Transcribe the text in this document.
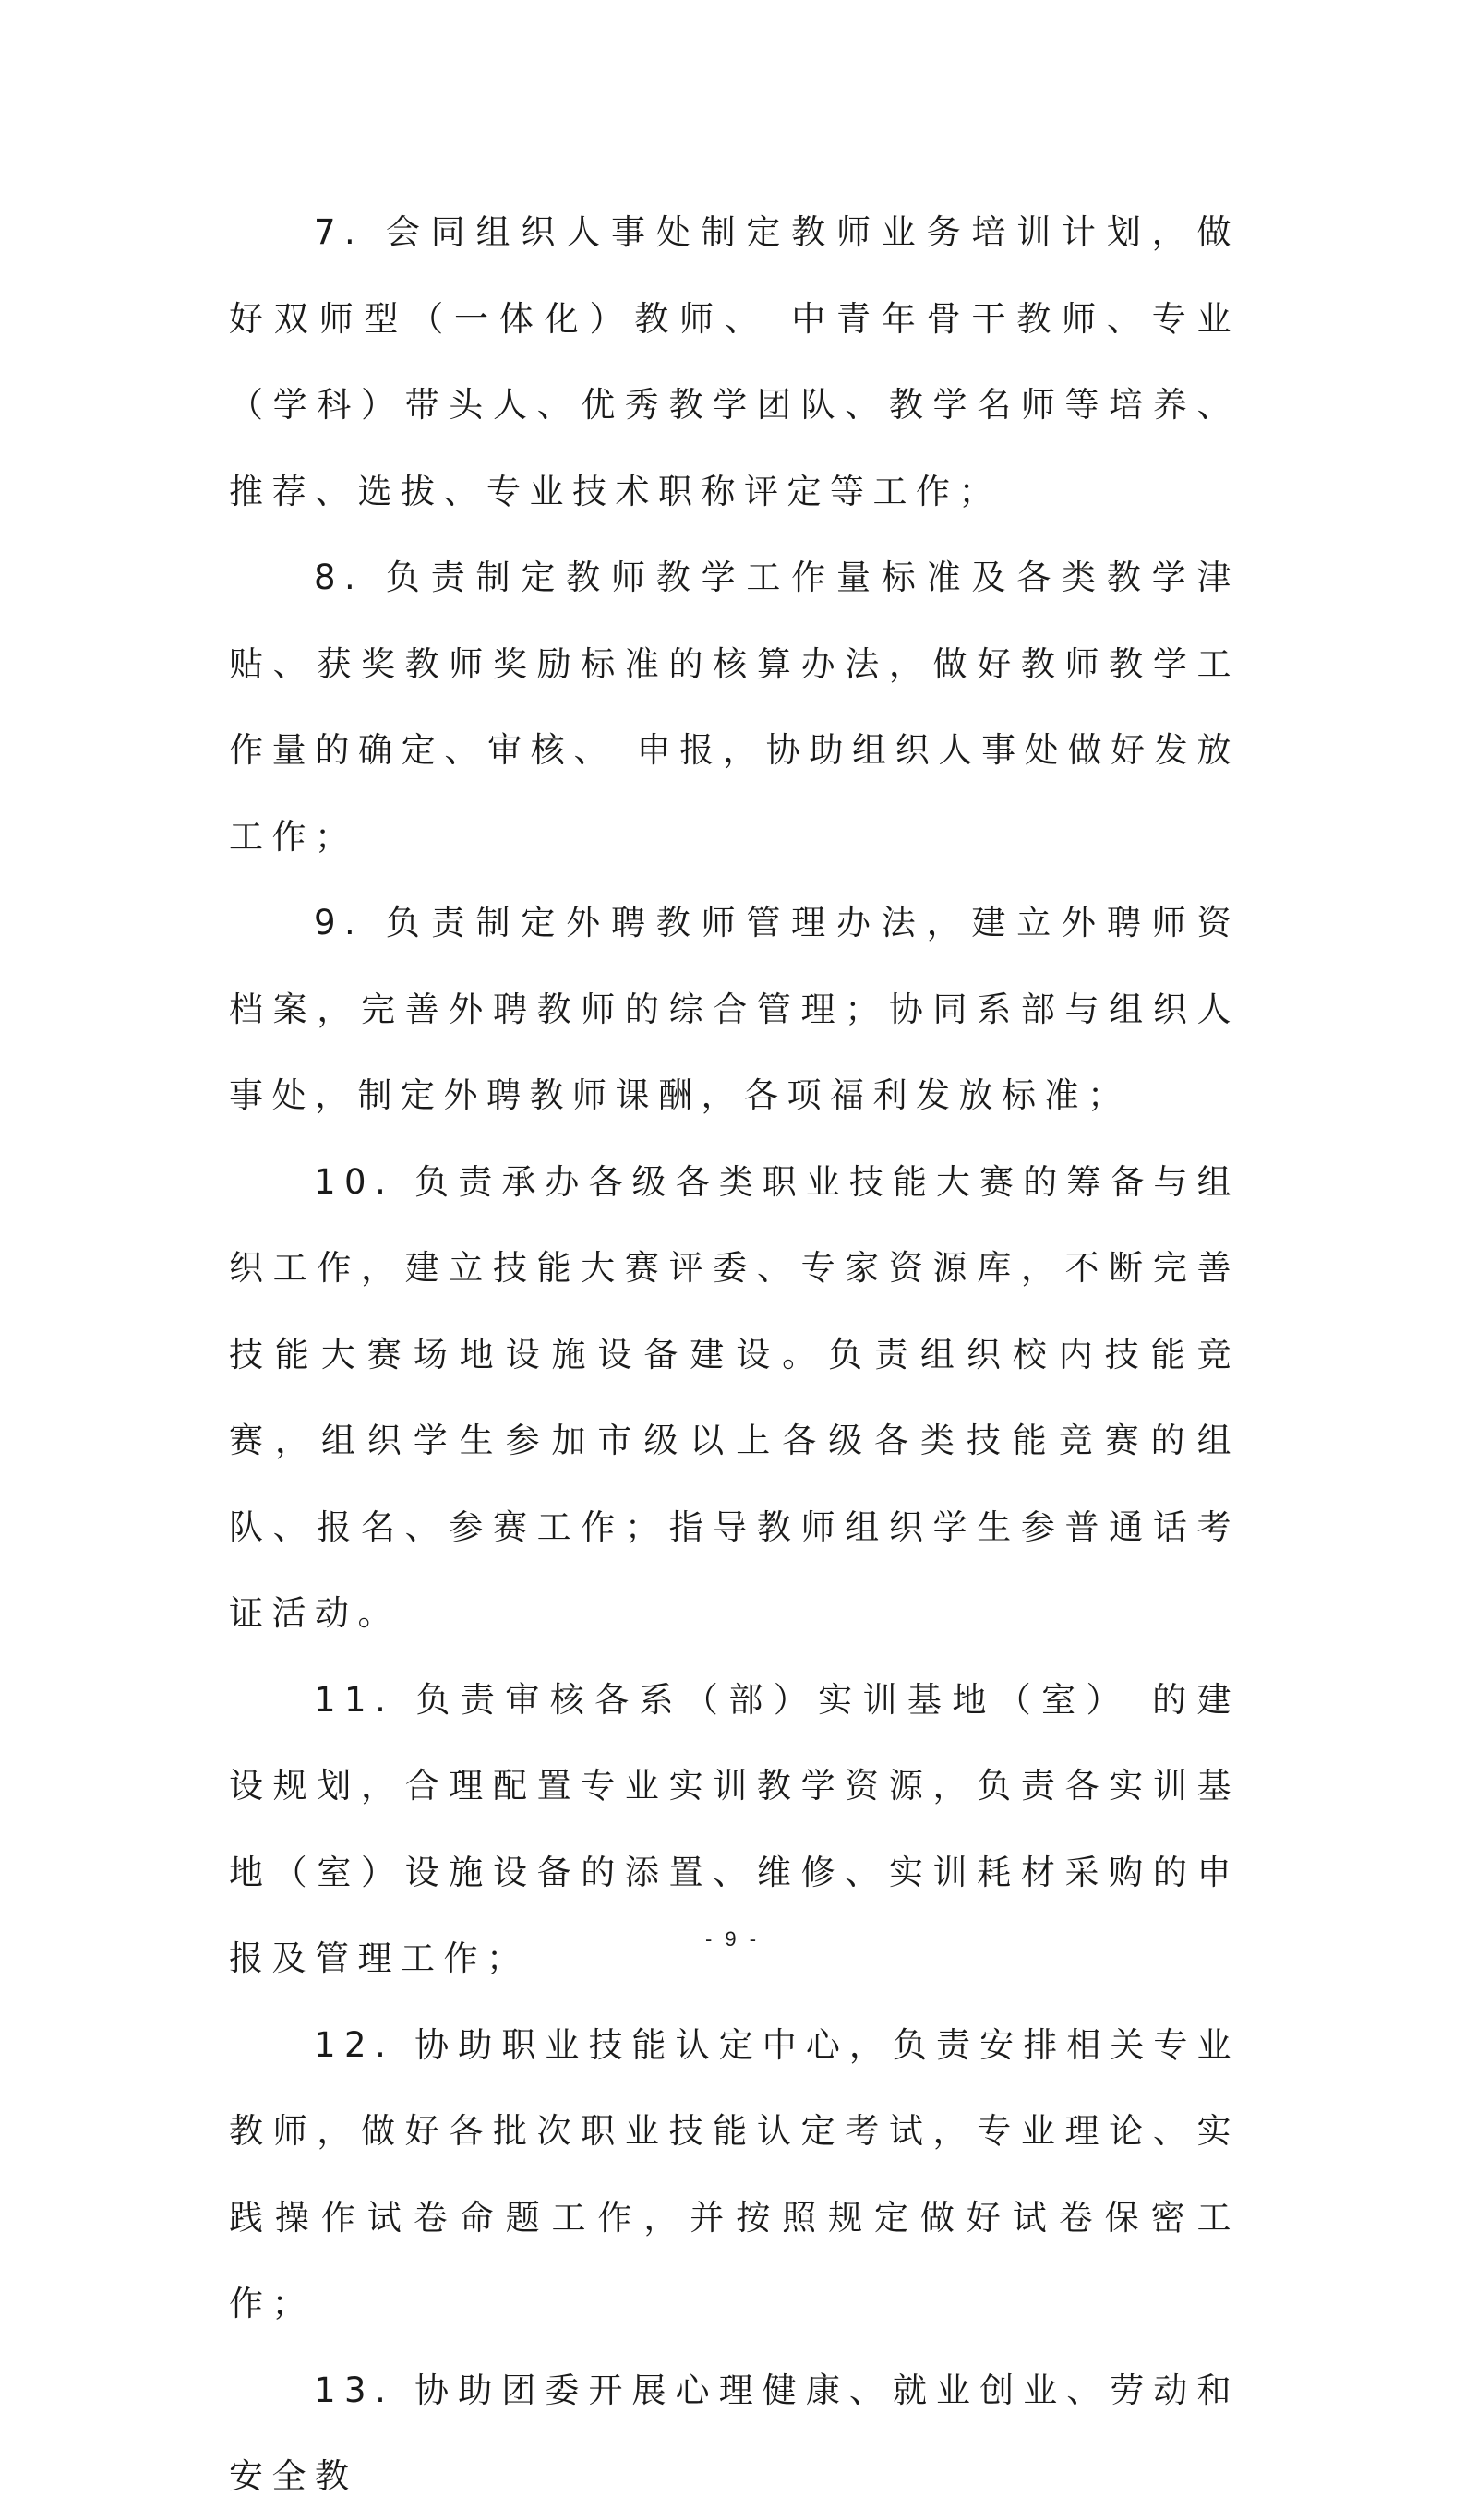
7. 会同组织人事处制定教师业务培训计划，做好双师型（一体化）教师、 中青年骨干教师、专业（学科）带头人、优秀教学团队、教学名师等培养、推荐、选拔、专业技术职称评定等工作；

8. 负责制定教师教学工作量标准及各类教学津贴、获奖教师奖励标准的核算办法，做好教师教学工作量的确定、审核、 申报，协助组织人事处做好发放工作；

9. 负责制定外聘教师管理办法，建立外聘师资档案，完善外聘教师的综合管理；协同系部与组织人事处，制定外聘教师课酬，各项福利发放标准；

10. 负责承办各级各类职业技能大赛的筹备与组织工作，建立技能大赛评委、专家资源库，不断完善技能大赛场地设施设备建设。负责组织校内技能竞赛，组织学生参加市级以上各级各类技能竞赛的组队、报名、参赛工作；指导教师组织学生参普通话考证活动。

11. 负责审核各系（部）实训基地（室） 的建设规划，合理配置专业实训教学资源，负责各实训基地（室）设施设备的添置、维修、实训耗材采购的申报及管理工作；

12. 协助职业技能认定中心，负责安排相关专业教师，做好各批次职业技能认定考试，专业理论、实践操作试卷命题工作，并按照规定做好试卷保密工作；

13. 协助团委开展心理健康、就业创业、劳动和安全教

- 9 -
